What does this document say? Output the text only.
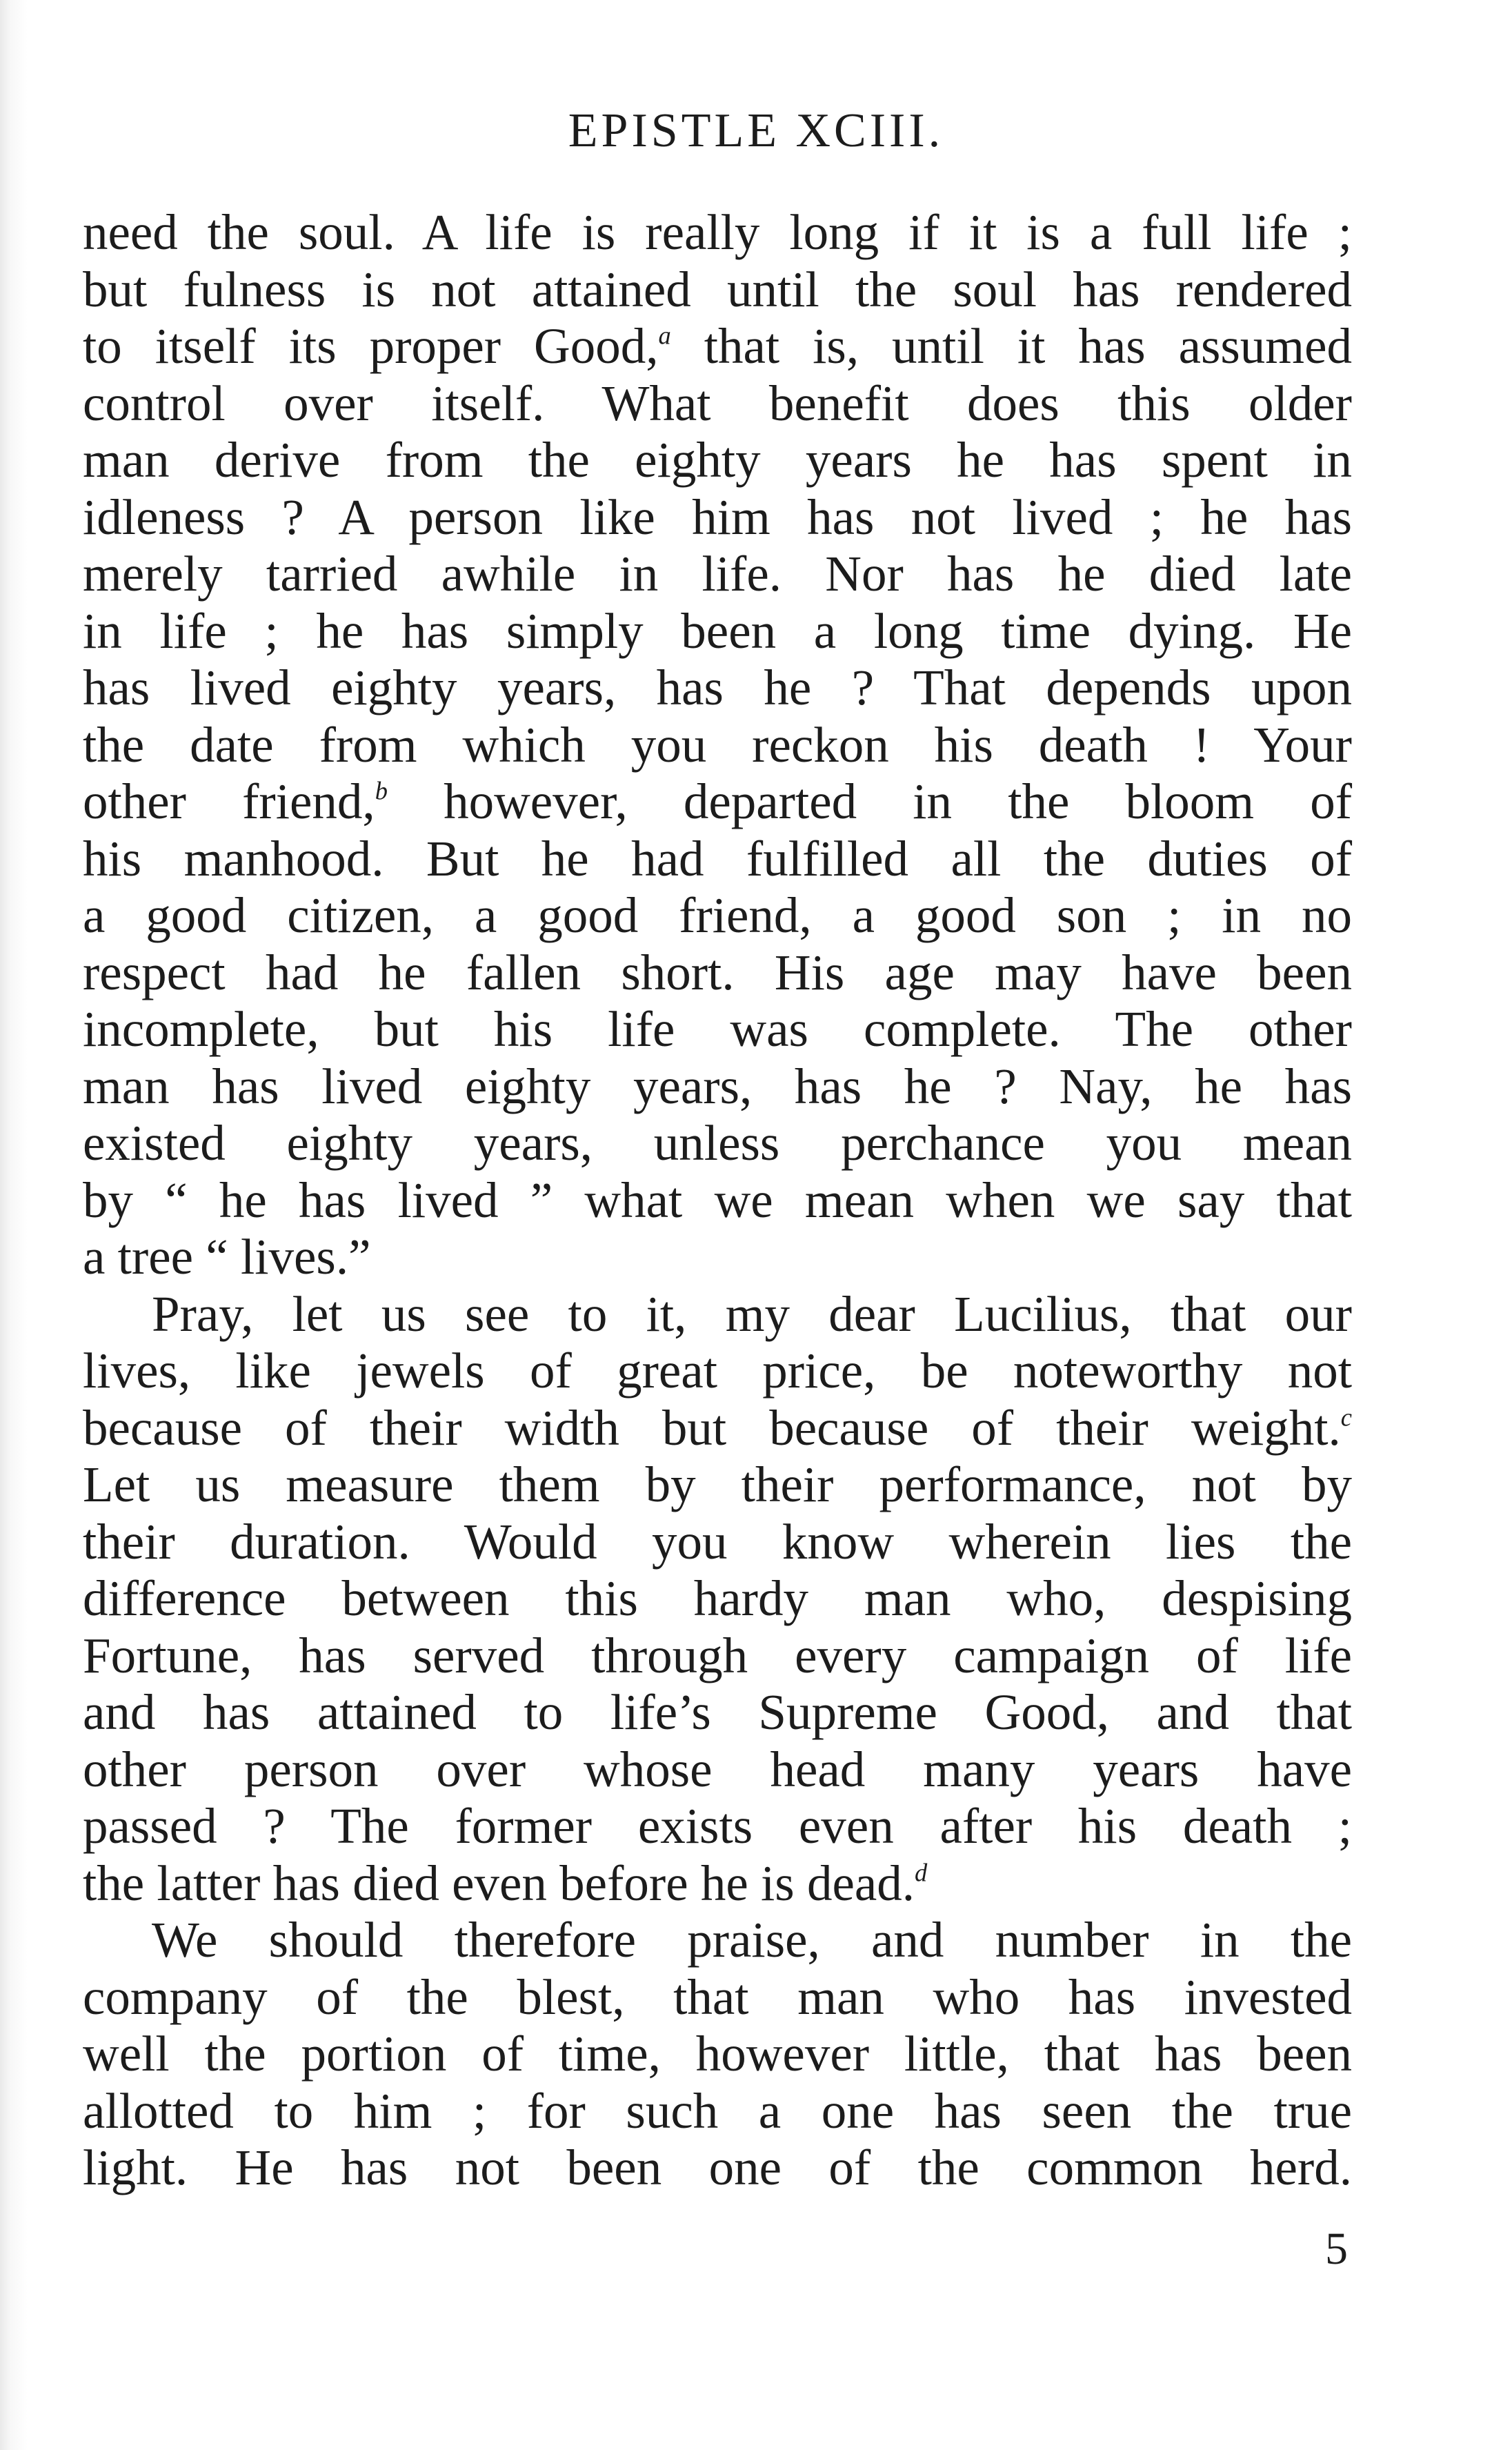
EPISTLE XCIII.
need the soul. A life is really long if it is a full life ;
but fulness is not attained until the soul has rendered
to itself its proper Good,$^a$ that is, until it has assumed
control over itself. What benefit does this older
man derive from the eighty years he has spent in
idleness ? A person like him has not lived ; he has
merely tarried awhile in life. Nor has he died late
in life ; he has simply been a long time dying. He
has lived eighty years, has he ? That depends upon
the date from which you reckon his death ! Your
other friend,$^b$ however, departed in the bloom of
his manhood. But he had fulfilled all the duties of
a good citizen, a good friend, a good son ; in no
respect had he fallen short. His age may have been
incomplete, but his life was complete. The other
man has lived eighty years, has he ? Nay, he has
existed eighty years, unless perchance you mean
by “ he has lived ” what we mean when we say that
a tree “ lives.”
Pray, let us see to it, my dear Lucilius, that our
lives, like jewels of great price, be noteworthy not
because of their width but because of their weight.$^c$
Let us measure them by their performance, not by
their duration. Would you know wherein lies the
difference between this hardy man who, despising
Fortune, has served through every campaign of life
and has attained to life’s Supreme Good, and that
other person over whose head many years have
passed ? The former exists even after his death ;
the latter has died even before he is dead.$^d$
We should therefore praise, and number in the
company of the blest, that man who has invested
well the portion of time, however little, that has been
allotted to him ; for such a one has seen the true
light. He has not been one of the common herd.
5
